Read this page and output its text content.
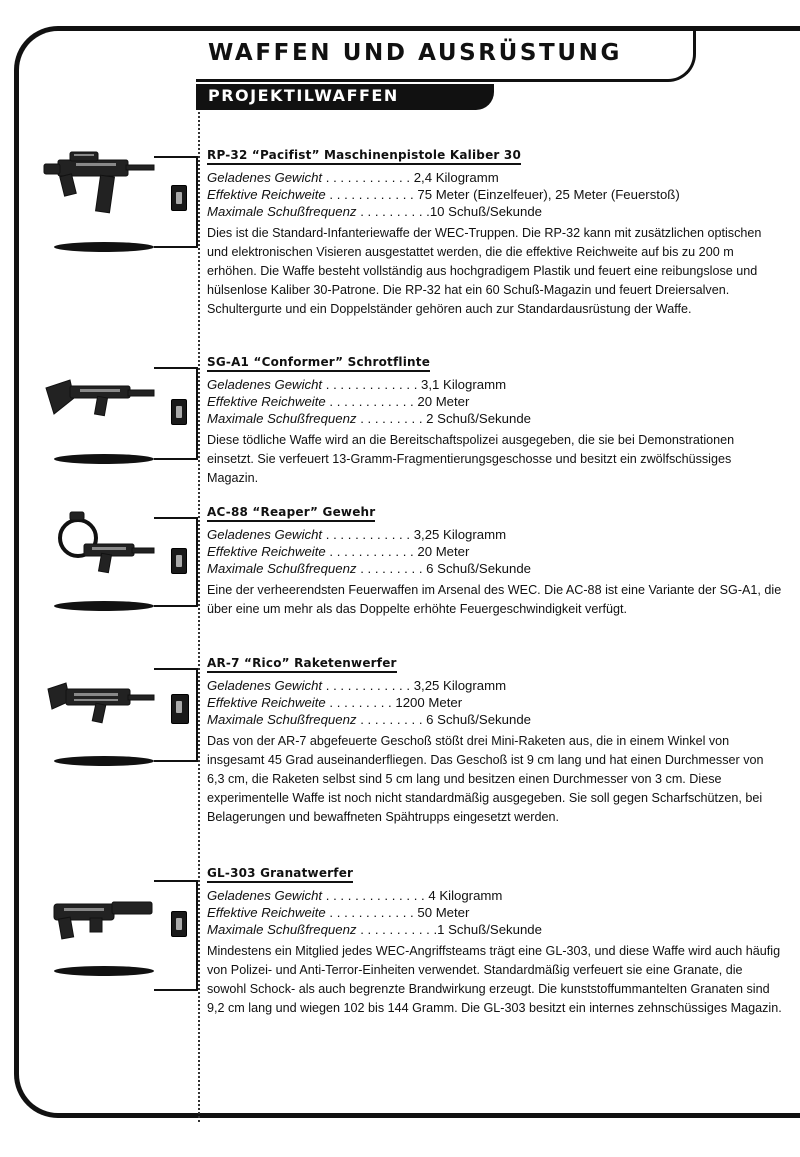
WAFFEN UND AUSRÜSTUNG
PROJEKTILWAFFEN
RP-32 “Pacifist” Maschinenpistole Kaliber 30
Geladenes Gewicht . . . . . . . . . . . . 2,4 Kilogramm
Effektive Reichweite . . . . . . . . . . . . 75 Meter (Einzelfeuer), 25 Meter (Feuerstoß)
Maximale Schußfrequenz . . . . . . . . . .10 Schuß/Sekunde
Dies ist die Standard-Infanteriewaffe der WEC-Truppen. Die RP-32 kann mit zusätzlichen optischen und elektronischen Visieren ausgestattet werden, die die effektive Reichweite auf bis zu 200 m erhöhen. Die Waffe besteht vollständig aus hochgradigem Plastik und feuert eine reibungslose und hülsenlose Kaliber 30-Patrone. Die RP-32 hat ein 60 Schuß-Magazin und feuert Dreiersalven. Schultergurte und ein Doppelständer gehören auch zur Standardausrüstung der Waffe.
SG-A1 “Conformer” Schrotflinte
Geladenes Gewicht . . . . . . . . . . . . . 3,1 Kilogramm
Effektive Reichweite . . . . . . . . . . . . 20 Meter
Maximale Schußfrequenz . . . . . . . . . 2 Schuß/Sekunde
Diese tödliche Waffe wird an die Bereitschaftspolizei ausgegeben, die sie bei Demonstrationen einsetzt. Sie verfeuert 13-Gramm-Fragmentierungsgeschosse und besitzt ein zwölfschüssiges Magazin.
AC-88 “Reaper” Gewehr
Geladenes Gewicht . . . . . . . . . . . . 3,25 Kilogramm
Effektive Reichweite . . . . . . . . . . . . 20 Meter
Maximale Schußfrequenz . . . . . . . . . 6 Schuß/Sekunde
Eine der verheerendsten Feuerwaffen im Arsenal des WEC. Die AC-88 ist eine Variante der SG-A1, die über eine um mehr als das Doppelte erhöhte Feuergeschwindigkeit verfügt.
AR-7 “Rico” Raketenwerfer
Geladenes Gewicht . . . . . . . . . . . . 3,25 Kilogramm
Effektive Reichweite . . . . . . . . . 1200 Meter
Maximale Schußfrequenz . . . . . . . . . 6 Schuß/Sekunde
Das von der AR-7 abgefeuerte Geschoß stößt drei Mini-Raketen aus, die in einem Winkel von insgesamt 45 Grad auseinanderfliegen. Das Geschoß ist 9 cm lang und hat einen Durchmesser von 6,3 cm, die Raketen selbst sind 5 cm lang und besitzen einen Durchmesser von 3 cm. Diese experimentelle Waffe ist noch nicht standardmäßig ausgegeben. Sie soll gegen Scharfschützen, bei Belagerungen und bewaffneten Spähtrupps eingesetzt werden.
GL-303 Granatwerfer
Geladenes Gewicht . . . . . . . . . . . . . . 4 Kilogramm
Effektive Reichweite . . . . . . . . . . . . 50 Meter
Maximale Schußfrequenz . . . . . . . . . . .1 Schuß/Sekunde
Mindestens ein Mitglied jedes WEC-Angriffsteams trägt eine GL-303, und diese Waffe wird auch häufig von Polizei- und Anti-Terror-Einheiten verwendet. Standardmäßig verfeuert sie eine Granate, die sowohl Schock- als auch begrenzte Brandwirkung erzeugt. Die kunststoffummantelten Granaten sind 9,2 cm lang und wiegen 102 bis 144 Gramm. Die GL-303 besitzt ein internes zehnschüssiges Magazin.
